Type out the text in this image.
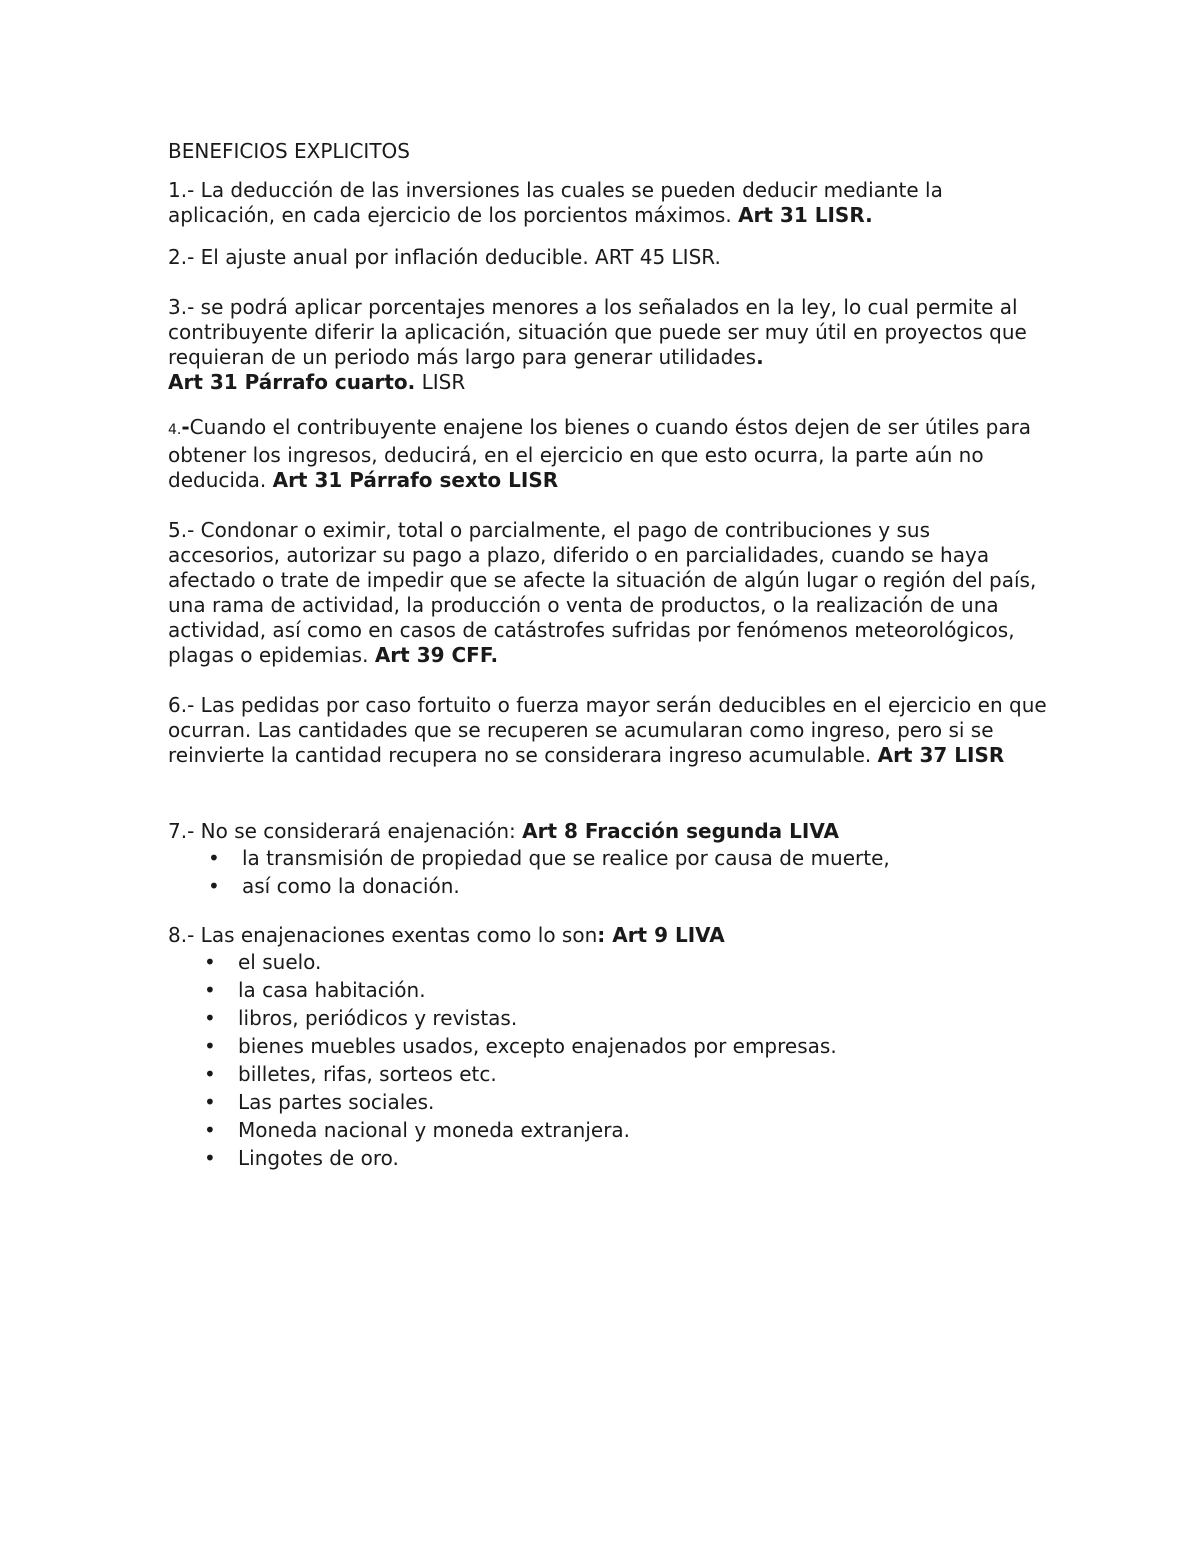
BENEFICIOS EXPLICITOS

1.- La deducción de las inversiones las cuales se pueden deducir mediante la aplicación, en cada ejercicio de los porcientos máximos. Art 31 LISR.

2.- El ajuste anual por inflación deducible. ART 45 LISR.

3.- se podrá aplicar porcentajes menores a los señalados en la ley, lo cual permite al contribuyente diferir la aplicación, situación que puede ser muy útil en proyectos que requieran de un periodo más largo para generar utilidades.
Art 31 Párrafo cuarto. LISR

4.-Cuando el contribuyente enajene los bienes o cuando éstos dejen de ser útiles para obtener los ingresos, deducirá, en el ejercicio en que esto ocurra, la parte aún no deducida. Art 31 Párrafo sexto LISR

5.- Condonar o eximir, total o parcialmente, el pago de contribuciones y sus accesorios, autorizar su pago a plazo, diferido o en parcialidades, cuando se haya afectado o trate de impedir que se afecte la situación de algún lugar o región del país, una rama de actividad, la producción o venta de productos, o la realización de una actividad, así como en casos de catástrofes sufridas por fenómenos meteorológicos, plagas o epidemias. Art 39 CFF.

6.- Las pedidas por caso fortuito o fuerza mayor serán deducibles en el ejercicio en que ocurran. Las cantidades que se recuperen se acumularan como ingreso, pero si se reinvierte la cantidad recupera no se considerara ingreso acumulable. Art 37 LISR

7.- No se considerará enajenación: Art 8 Fracción segunda LIVA

• la transmisión de propiedad que se realice por causa de muerte,
• así como la donación.

8.- Las enajenaciones exentas como lo son: Art 9 LIVA

• el suelo.
• la casa habitación.
• libros, periódicos y revistas.
• bienes muebles usados, excepto enajenados por empresas.
• billetes, rifas, sorteos etc.
• Las partes sociales.
• Moneda nacional y moneda extranjera.
• Lingotes de oro.
